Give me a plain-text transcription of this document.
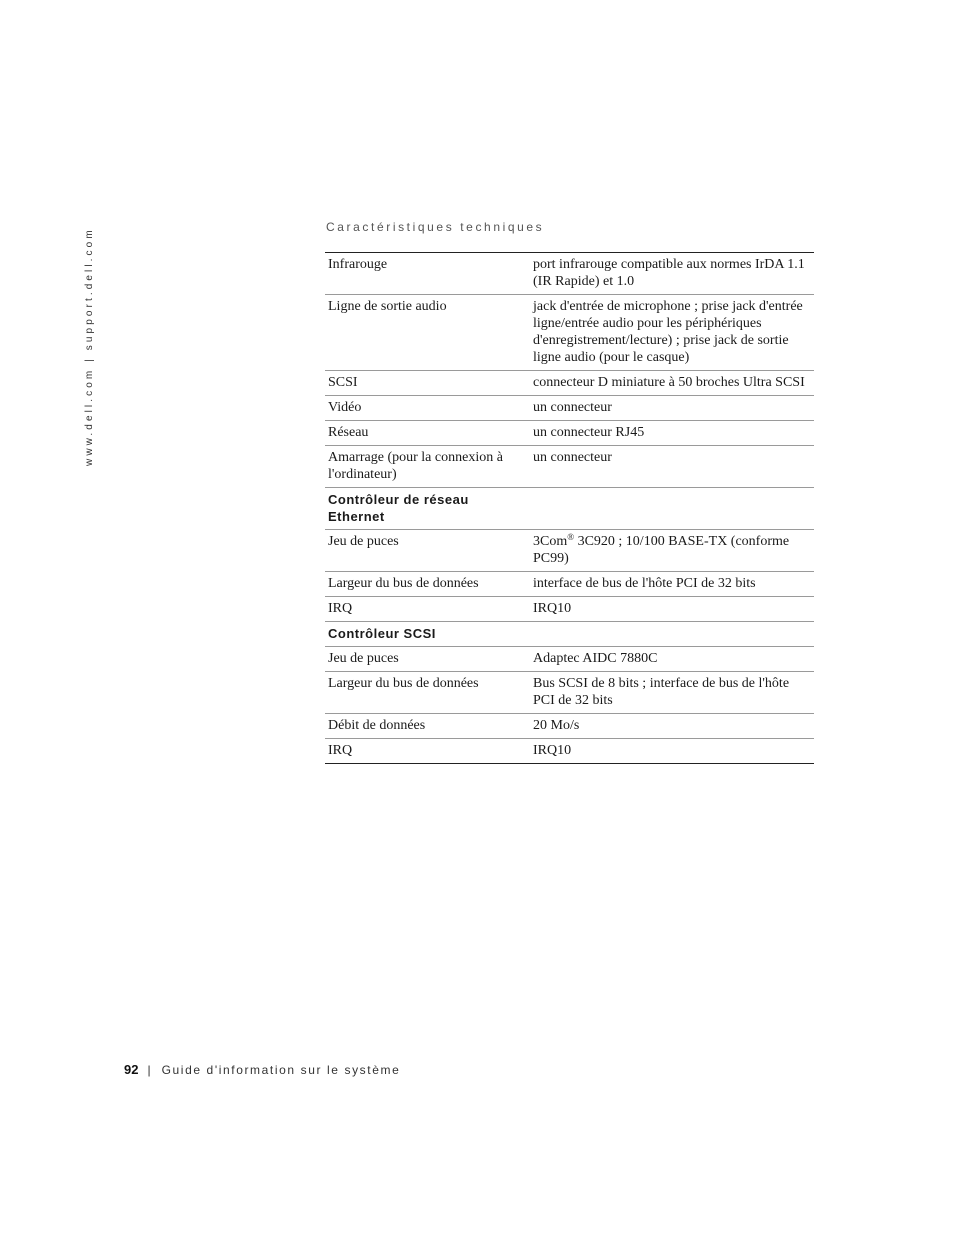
www.dell.com | support.dell.com
Caractéristiques techniques
Infrarouge	port infrarouge compatible aux normes IrDA 1.1 (IR Rapide) et 1.0
Ligne de sortie audio	jack d'entrée de microphone ; prise jack d'entrée ligne/entrée audio pour les périphériques d'enregistrement/lecture) ; prise jack de sortie ligne audio (pour le casque)
SCSI	connecteur D miniature à 50 broches Ultra SCSI
Vidéo	un connecteur
Réseau	un connecteur RJ45
Amarrage (pour la connexion à l'ordinateur)	un connecteur
Contrôleur de réseau Ethernet	
Jeu de puces	3Com® 3C920 ; 10/100 BASE-TX (conforme PC99)
Largeur du bus de données	interface de bus de l'hôte PCI de 32 bits
IRQ	IRQ10
Contrôleur SCSI	
Jeu de puces	Adaptec AIDC 7880C
Largeur du bus de données	Bus SCSI de 8 bits ; interface de bus de l'hôte PCI de 32 bits
Débit de données	20 Mo/s
IRQ	IRQ10
92 | Guide d'information sur le système
